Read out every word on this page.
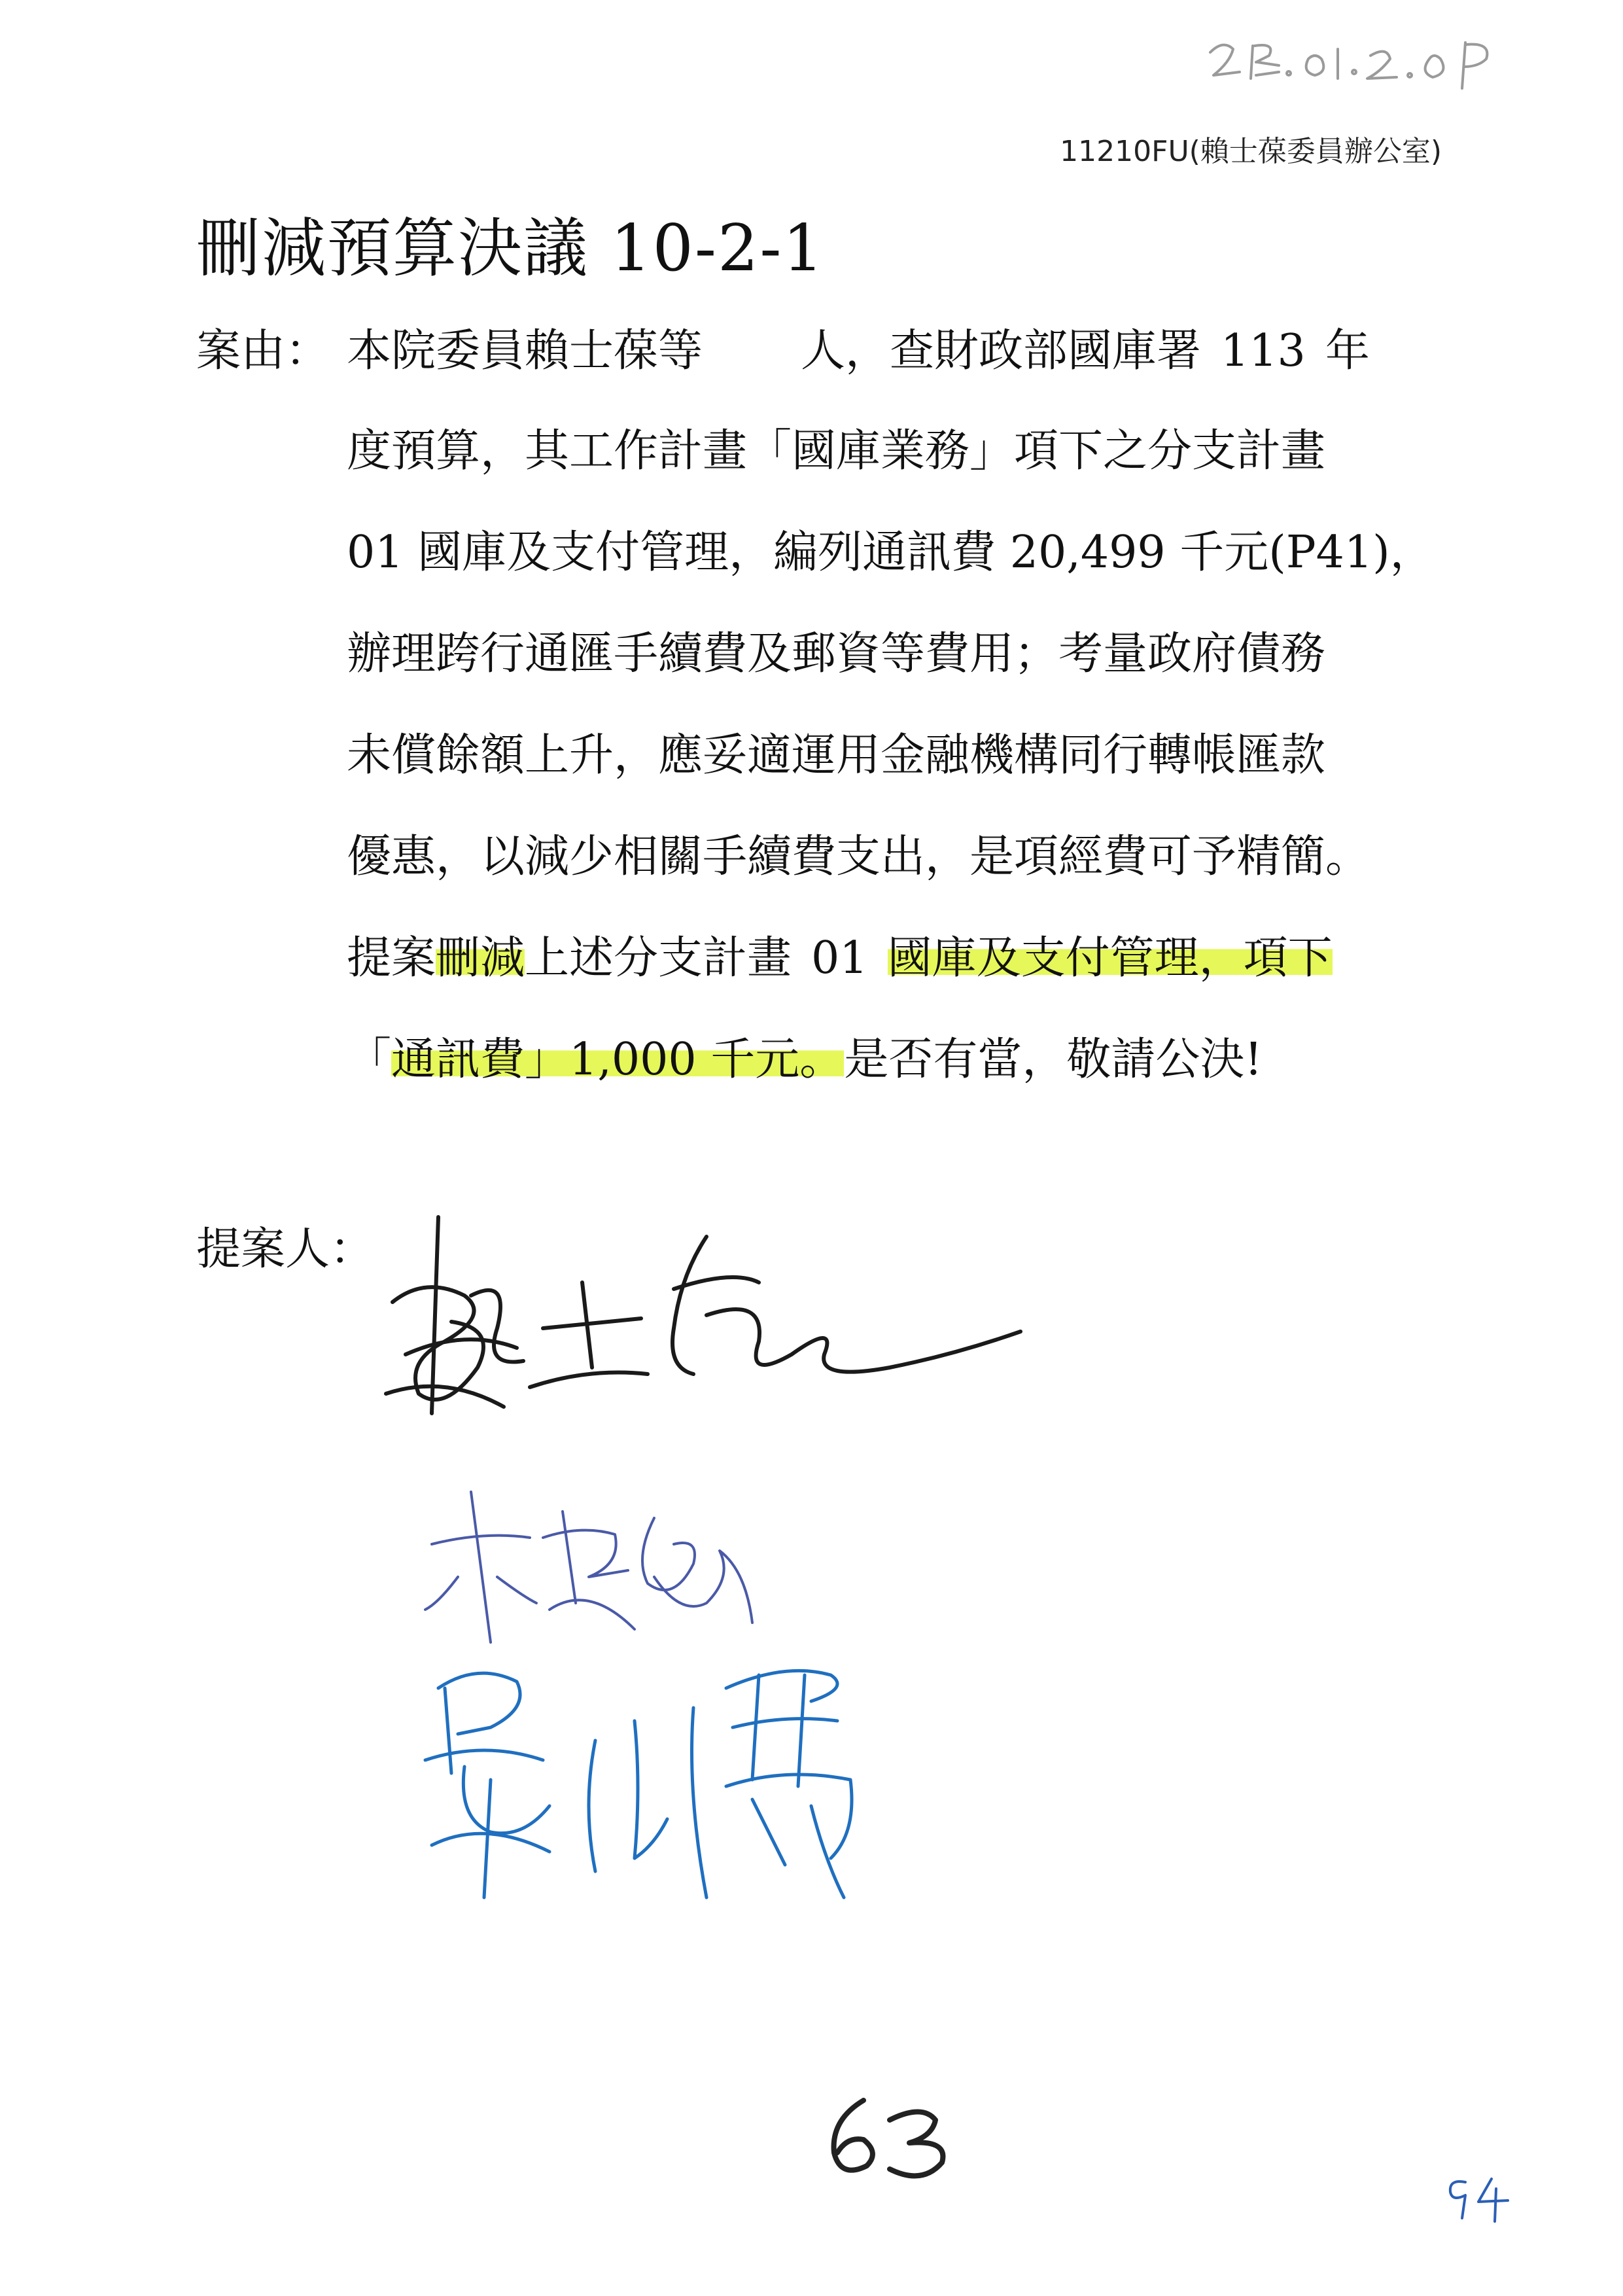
11210FU(賴士葆委員辦公室)
刪減預算決議 10-2-1
案由： 本院委員賴士葆等 人，查財政部國庫署 113 年
度預算，其工作計畫「國庫業務」項下之分支計畫
01 國庫及支付管理，編列通訊費 20,499 千元(P41)，
辦理跨行通匯手續費及郵資等費用；考量政府債務
未償餘額上升，應妥適運用金融機構同行轉帳匯款
優惠，以減少相關手續費支出，是項經費可予精簡。
提案刪減上述分支計畫 01 國庫及支付管理，項下
「通訊費」1,000 千元。是否有當，敬請公決!
提案人：
